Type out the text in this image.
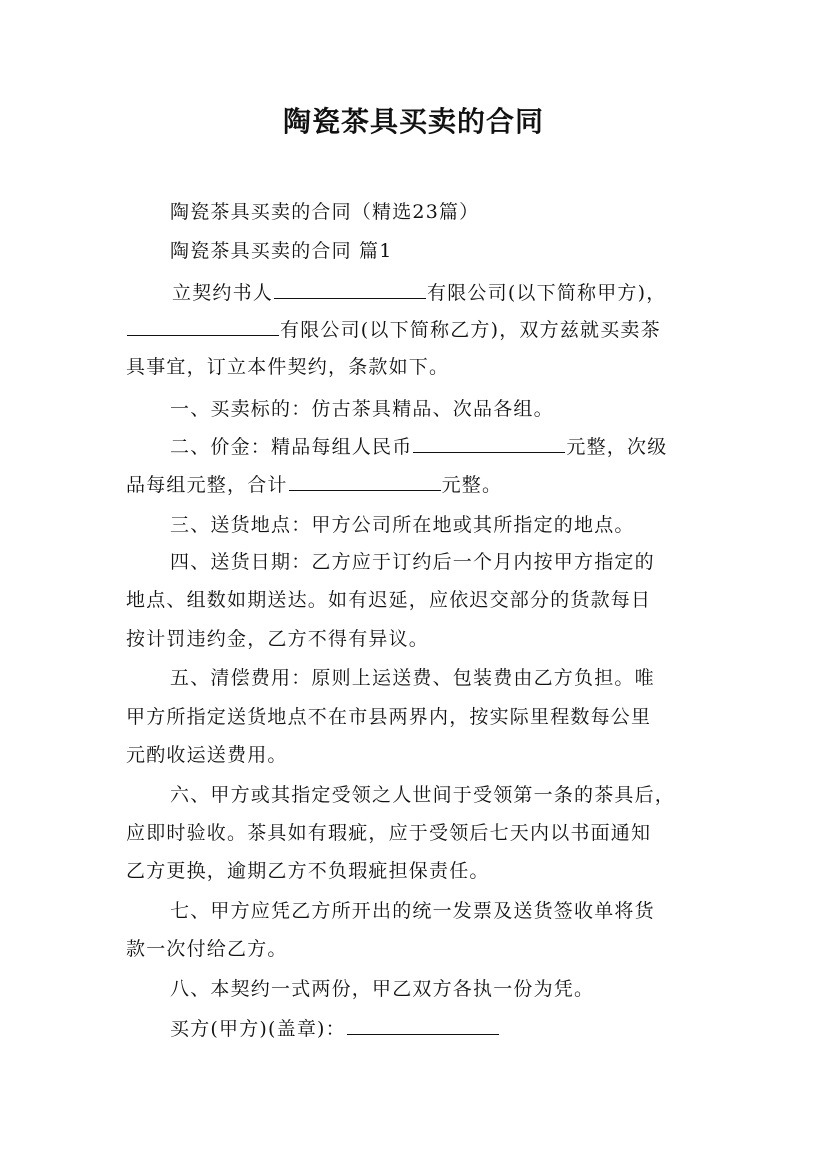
陶瓷茶具买卖的合同
陶瓷茶具买卖的合同（精选23篇）
陶瓷茶具买卖的合同 篇1
立契约书人	有限公司(以下简称甲方)，
有限公司(以下简称乙方)，双方兹就买卖茶
具事宜，订立本件契约，条款如下。
一、买卖标的：仿古茶具精品、次品各组。
二、价金：精品每组人民币	元整，次级
品每组元整，合计	元整。
三、送货地点：甲方公司所在地或其所指定的地点。
四、送货日期：乙方应于订约后一个月内按甲方指定的
地点、组数如期送达。如有迟延，应依迟交部分的货款每日
按计罚违约金，乙方不得有异议。
五、清偿费用：原则上运送费、包装费由乙方负担。唯
甲方所指定送货地点不在市县两界内，按实际里程数每公里
元酌收运送费用。
六、甲方或其指定受领之人世间于受领第一条的茶具后，
应即时验收。茶具如有瑕疵，应于受领后七天内以书面通知
乙方更换，逾期乙方不负瑕疵担保责任。
七、甲方应凭乙方所开出的统一发票及送货签收单将货
款一次付给乙方。
八、本契约一式两份，甲乙双方各执一份为凭。
买方(甲方)(盖章)：
